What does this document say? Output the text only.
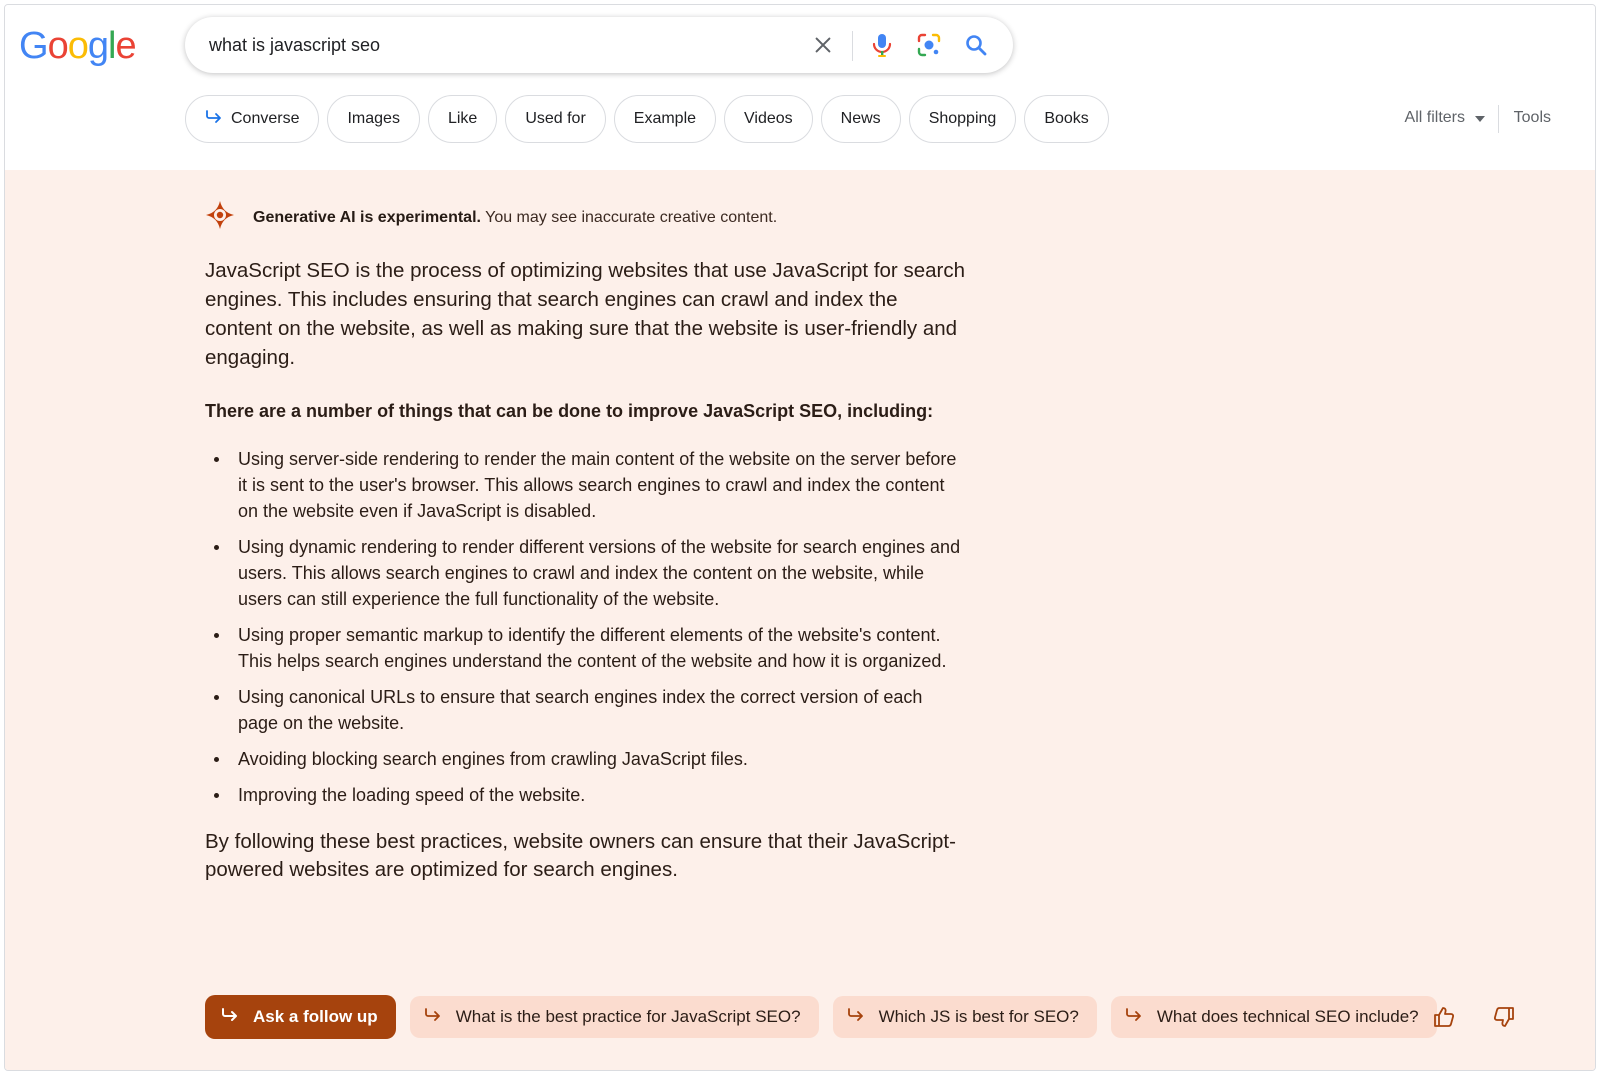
Google
what is javascript seo
Converse	Images	Like	Used for	Example	Videos	News	Shopping	Books	All filters	Tools
Generative AI is experimental. You may see inaccurate creative content.

JavaScript SEO is the process of optimizing websites that use JavaScript for search engines. This includes ensuring that search engines can crawl and index the content on the website, as well as making sure that the website is user-friendly and engaging.

There are a number of things that can be done to improve JavaScript SEO, including:

Using server-side rendering to render the main content of the website on the server before it is sent to the user's browser. This allows search engines to crawl and index the content on the website even if JavaScript is disabled.
Using dynamic rendering to render different versions of the website for search engines and users. This allows search engines to crawl and index the content on the website, while users can still experience the full functionality of the website.
Using proper semantic markup to identify the different elements of the website's content. This helps search engines understand the content of the website and how it is organized.
Using canonical URLs to ensure that search engines index the correct version of each page on the website.
Avoiding blocking search engines from crawling JavaScript files.
Improving the loading speed of the website.

By following these best practices, website owners can ensure that their JavaScript-powered websites are optimized for search engines.

Ask a follow up	What is the best practice for JavaScript SEO?	Which JS is best for SEO?	What does technical SEO include?
